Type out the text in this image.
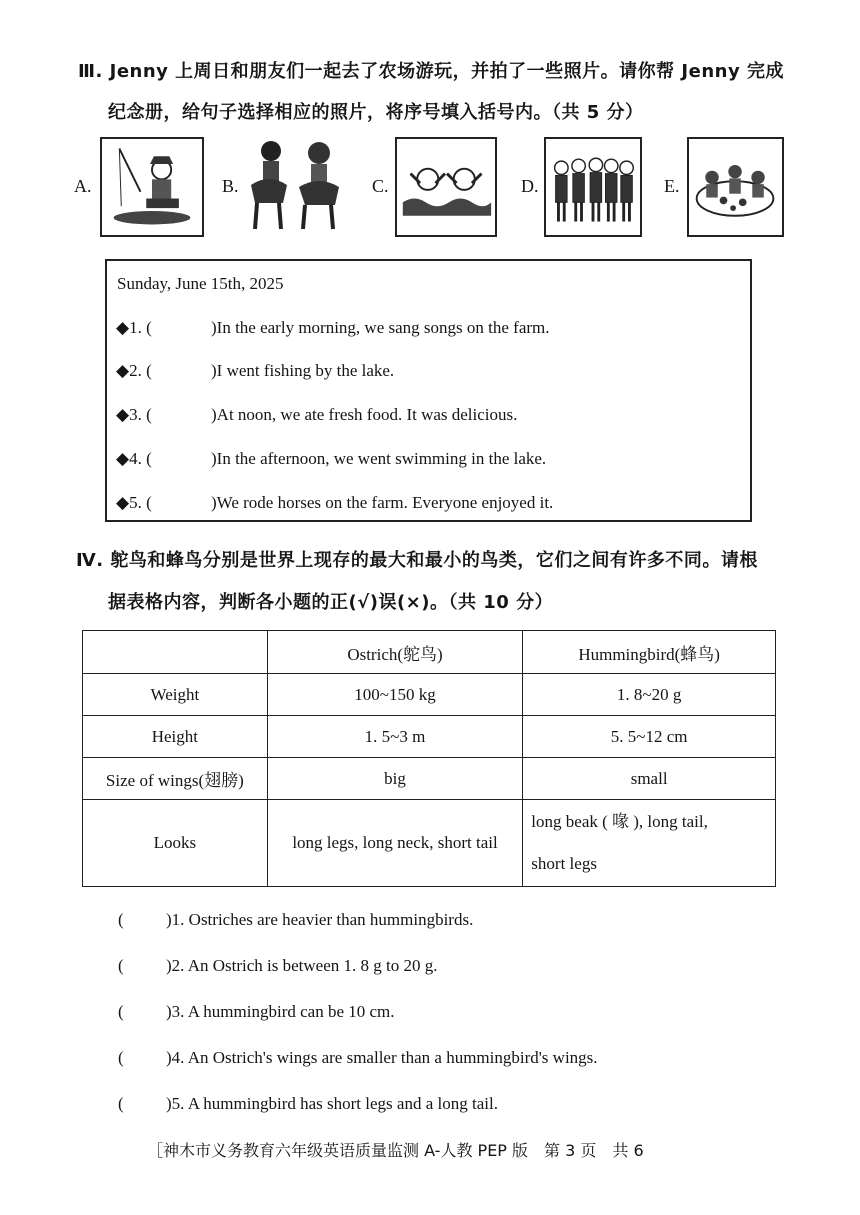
Ⅲ. Jenny 上周日和朋友们一起去了农场游玩，并拍了一些照片。请你帮 Jenny 完成
纪念册，给句子选择相应的照片，将序号填入括号内。（共 5 分）
A.	B.	C.	D.	E.
Sunday, June 15th, 2025
◆1. (	)In the early morning, we sang songs on the farm.
◆2. (	)I went fishing by the lake.
◆3. (	)At noon, we ate fresh food. It was delicious.
◆4. (	)In the afternoon, we went swimming in the lake.
◆5. (	)We rode horses on the farm. Everyone enjoyed it.
Ⅳ. 鸵鸟和蜂鸟分别是世界上现存的最大和最小的鸟类，它们之间有许多不同。请根
据表格内容，判断各小题的正(√)误(×)。（共 10 分）
	Ostrich(鸵鸟)	Hummingbird(蜂鸟)
Weight	100~150 kg	1. 8~20 g
Height	1. 5~3 m	5. 5~12 cm
Size of wings(翅膀)	big	small
Looks	long legs, long neck, short tail	long beak ( 喙 ), long tail,
short legs
( )1. Ostriches are heavier than hummingbirds.
( )2. An Ostrich is between 1. 8 g to 20 g.
( )3. A hummingbird can be 10 cm.
( )4. An Ostrich's wings are smaller than a hummingbird's wings.
( )5. A hummingbird has short legs and a long tail.
［神木市义务教育六年级英语质量监测 A-人教 PEP 版　第 3 页　共 6
